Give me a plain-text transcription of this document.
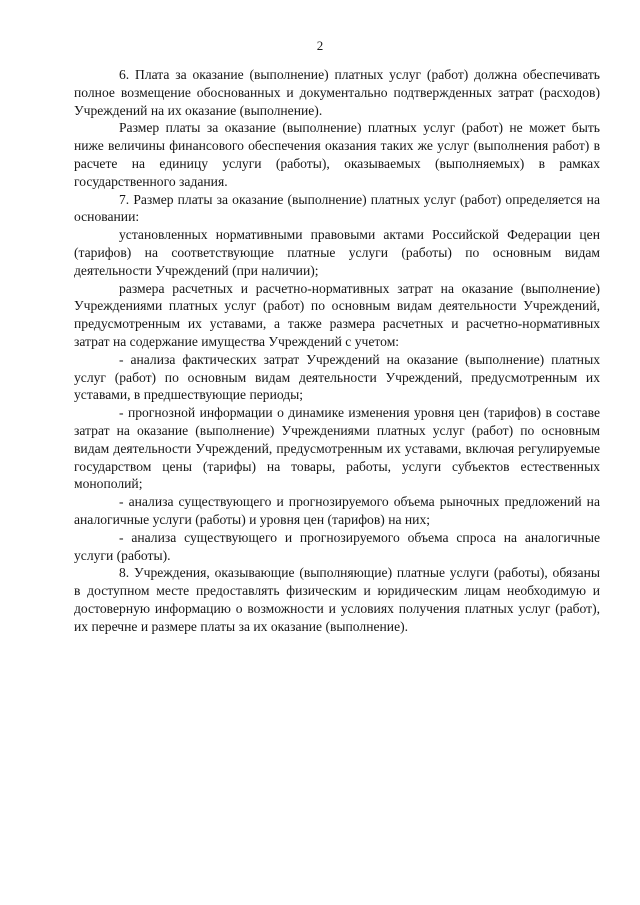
2

6. Плата за оказание (выполнение) платных услуг (работ) должна обеспечивать полное возмещение обоснованных и документально подтвержденных затрат (расходов) Учреждений на их оказание (выполнение).

Размер платы за оказание (выполнение) платных услуг (работ) не может быть ниже величины финансового обеспечения оказания таких же услуг (выполнения работ) в расчете на единицу услуги (работы), оказываемых (выполняемых) в рамках государственного задания.

7. Размер платы за оказание (выполнение) платных услуг (работ) определяется на основании:

установленных нормативными правовыми актами Российской Федерации цен (тарифов) на соответствующие платные услуги (работы) по основным видам деятельности Учреждений (при наличии);

размера расчетных и расчетно-нормативных затрат на оказание (выполнение) Учреждениями платных услуг (работ) по основным видам деятельности Учреждений, предусмотренным их уставами, а также размера расчетных и расчетно-нормативных затрат на содержание имущества Учреждений с учетом:

- анализа фактических затрат Учреждений на оказание (выполнение) платных услуг (работ) по основным видам деятельности Учреждений, предусмотренным их уставами, в предшествующие периоды;

- прогнозной информации о динамике изменения уровня цен (тарифов) в составе затрат на оказание (выполнение) Учреждениями платных услуг (работ) по основным видам деятельности Учреждений, предусмотренным их уставами, включая регулируемые государством цены (тарифы) на товары, работы, услуги субъектов естественных монополий;

- анализа существующего и прогнозируемого объема рыночных предложений на аналогичные услуги (работы) и уровня цен (тарифов) на них;

- анализа существующего и прогнозируемого объема спроса на аналогичные услуги (работы).

8. Учреждения, оказывающие (выполняющие) платные услуги (работы), обязаны в доступном месте предоставлять физическим и юридическим лицам необходимую и достоверную информацию о возможности и условиях получения платных услуг (работ), их перечне и размере платы за их оказание (выполнение).
